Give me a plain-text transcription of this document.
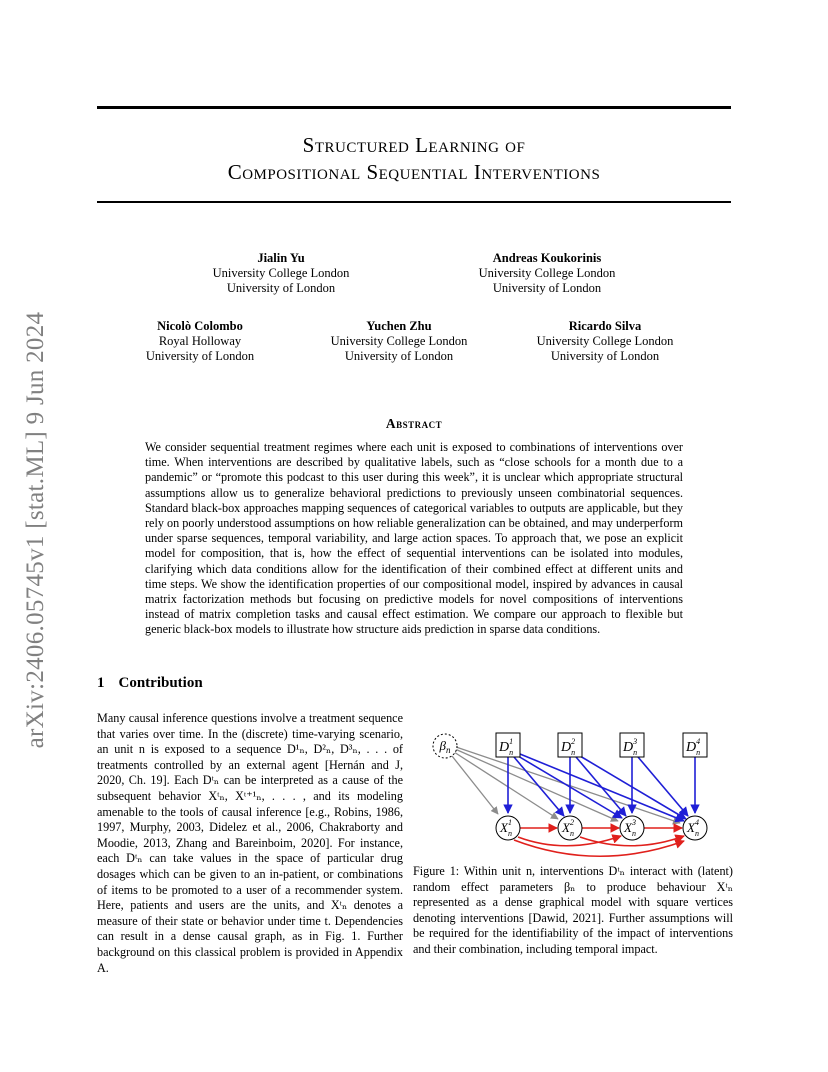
arXiv:2406.05745v1 [stat.ML] 9 Jun 2024
Structured Learning of
Compositional Sequential Interventions
Jialin Yu
University College London
University of London
Andreas Koukorinis
University College London
University of London
Nicolò Colombo
Royal Holloway
University of London
Yuchen Zhu
University College London
University of London
Ricardo Silva
University College London
University of London
Abstract
We consider sequential treatment regimes where each unit is exposed to combinations of interventions over time. When interventions are described by qualitative labels, such as “close schools for a month due to a pandemic” or “promote this podcast to this user during this week”, it is unclear which appropriate structural assumptions allow us to generalize behavioral predictions to previously unseen combinatorial sequences. Standard black-box approaches mapping sequences of categorical variables to outputs are applicable, but they rely on poorly understood assumptions on how reliable generalization can be obtained, and may underperform under sparse sequences, temporal variability, and large action spaces. To approach that, we pose an explicit model for composition, that is, how the effect of sequential interventions can be isolated into modules, clarifying which data conditions allow for the identification of their combined effect at different units and time steps. We show the identification properties of our compositional model, inspired by advances in causal matrix factorization methods but focusing on predictive models for novel compositions of interventions instead of matrix completion tasks and causal effect estimation. We compare our approach to flexible but generic black-box models to illustrate how structure aids prediction in sparse data conditions.
1 Contribution
Many causal inference questions involve a treatment sequence that varies over time. In the (discrete) time-varying scenario, an unit n is exposed to a sequence D¹ₙ, D²ₙ, D³ₙ, . . . of treatments controlled by an external agent [Hernán and J, 2020, Ch. 19]. Each Dᵗₙ can be interpreted as a cause of the subsequent behavior Xᵗₙ, Xᵗ⁺¹ₙ, . . . , and its modeling amenable to the tools of causal inference [e.g., Robins, 1986, 1997, Murphy, 2003, Didelez et al., 2006, Chakraborty and Moodie, 2013, Zhang and Bareinboim, 2020]. For instance, each Dᵗₙ can take values in the space of particular drug dosages which can be given to an in-patient, or combinations of items to be promoted to a user of a recommender system. Here, patients and users are the units, and Xᵗₙ denotes a measure of their state or behavior under time t. Dependencies can result in a dense causal graph, as in Fig. 1. Further background on this classical problem is provided in Appendix A.
$\beta_n$	$D^1$ n	$D^2$ n	$D^3$ n	$D^4$ n
$X^1$ n	$X^2$ n	$X^3$ n	$X^4$ n
Figure 1: Within unit n, interventions Dᵗₙ interact with (latent) random effect parameters βₙ to produce behaviour Xᵗₙ represented as a dense graphical model with square vertices denoting interventions [Dawid, 2021]. Further assumptions will be required for the identifiability of the impact of interventions and their combination, including temporal impact.
